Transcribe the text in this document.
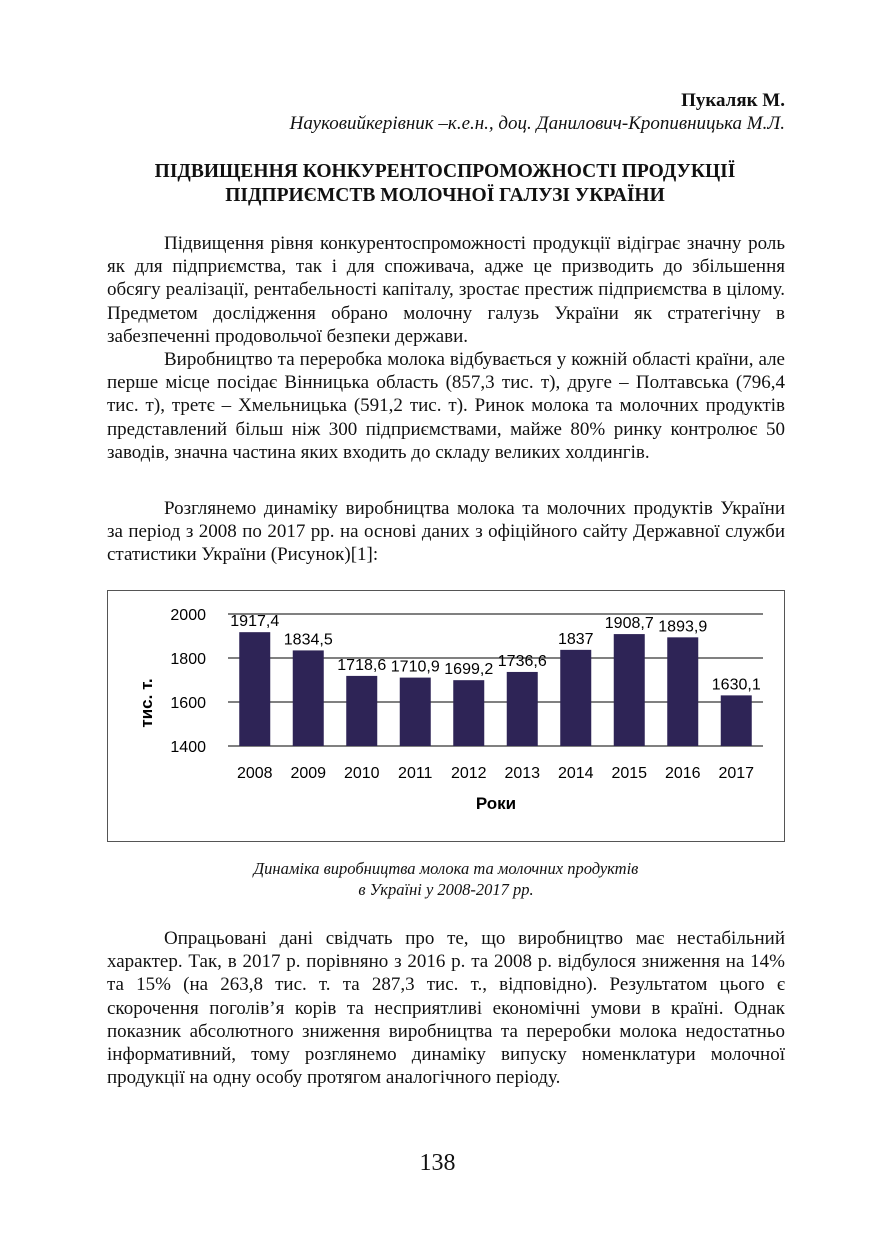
Пукаляк М.
Науковийкерівник –к.е.н., доц. Данилович-Кропивницька М.Л.
ПІДВИЩЕННЯ КОНКУРЕНТОСПРОМОЖНОСТІ ПРОДУКЦІЇ
ПІДПРИЄМСТВ МОЛОЧНОЇ ГАЛУЗІ УКРАЇНИ

Підвищення рівня конкурентоспроможності продукції відіграє значну роль як для підприємства, так і для споживача, адже це призводить до збільшення обсягу реалізації, рентабельності капіталу, зростає престиж підприємства в цілому. Предметом дослідження обрано молочну галузь України як стратегічну в забезпеченні продовольчої безпеки держави.

Виробництво та переробка молока відбувається у кожній області країни, але перше місце посідає Вінницька область (857,3 тис. т), друге – Полтавська (796,4 тис. т), третє – Хмельницька (591,2 тис. т). Ринок молока та молочних продуктів представлений більш ніж 300 підприємствами, майже 80% ринку контролює 50 заводів, значна частина яких входить до складу великих холдингів.

Розглянемо динаміку виробництва молока та молочних продуктів України за період з 2008 по 2017 рр. на основі даних з офіційного сайту Державної служби статистики України (Рисунок)[1]:

1400
1600
1800
2000 1917,4
1834,5
1718,6 1710,9 1699,2 1736,6
1837
1908,7 1893,9
1630,1
2008 2009 2010 2011 2012 2013 2014 2015 2016 2017
тис. т.
Роки
Динаміка виробництва молока та молочних продуктів
в Україні у 2008-2017 рр.

Опрацьовані дані свідчать про те, що виробництво має нестабільний характер. Так, в 2017 р. порівняно з 2016 р. та 2008 р. відбулося зниження на 14% та 15% (на 263,8 тис. т. та 287,3 тис. т., відповідно). Результатом цього є скорочення поголів’я корів та несприятливі економічні умови в країні. Однак показник абсолютного зниження виробництва та переробки молока недостатньо інформативний, тому розглянемо динаміку випуску номенклатури молочної продукції на одну особу протягом аналогічного періоду.

138
